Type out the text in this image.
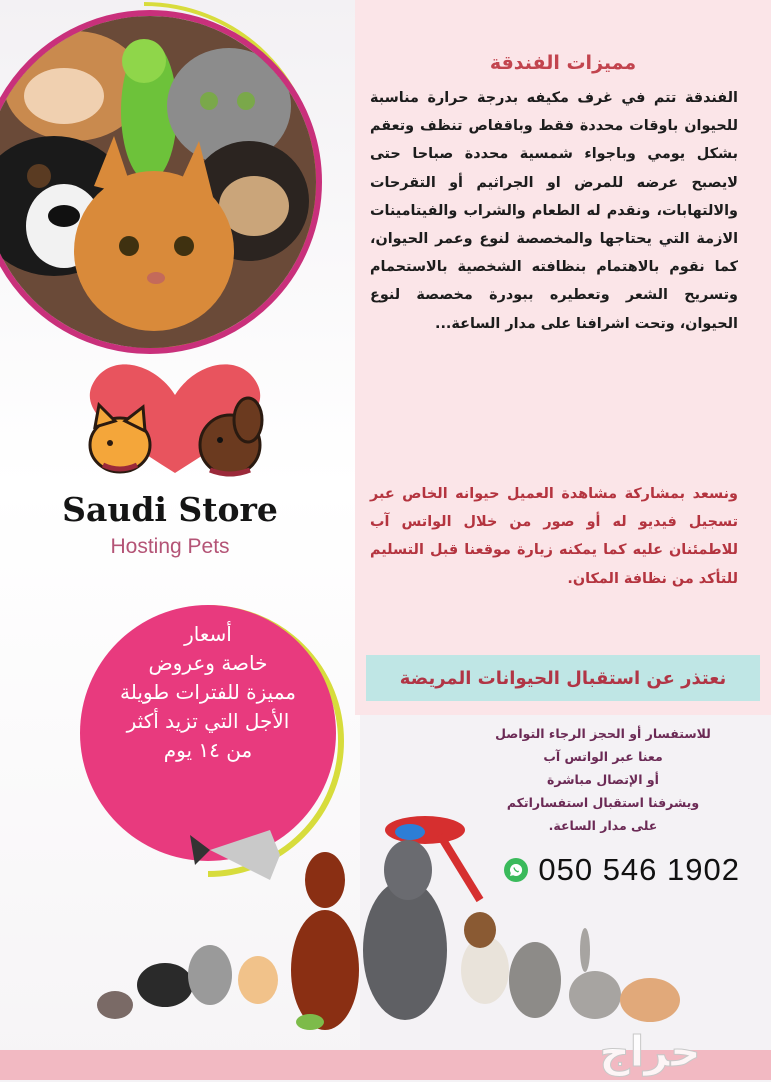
Saudi Store
Hosting Pets
أسعار
خاصة وعروض
مميزة للفترات طويلة
الأجل التي تزيد أكثر
من ١٤ يوم
مميزات الفندقة
الفندقة تتم في غرف مكيفه بدرجة حرارة مناسبة للحيوان باوقات محددة فقط وباقفاص تنظف وتعقم بشكل يومي وباجواء شمسية محددة صباحا حتى لايصبح عرضه للمرض او الجراثيم أو التقرحات والالتهابات، ونقدم له الطعام والشراب والفيتامينات الازمة التي يحتاجها والمخصصة لنوع وعمر الحيوان، كما نقوم بالاهتمام بنظافته الشخصية بالاستحمام وتسريح الشعر وتعطيره ببودرة مخصصة لنوع الحيوان، وتحت اشرافنا على مدار الساعة...
ونسعد بمشاركة مشاهدة العميل حيوانه الخاص عبر تسجيل فيديو له أو صور من خلال الواتس آب للاطمئنان عليه كما يمكنه زيارة موقعنا قبل التسليم للتأكد من نظافة المكان.
نعتذر عن استقبال الحيوانات المريضة
للاستفسار أو الحجز الرجاء التواصل
معنا عبر الواتس آب
أو الإتصال مباشرة
ويشرفنا استقبال استفساراتكم
على مدار الساعة.
050 546 1902
حراج
